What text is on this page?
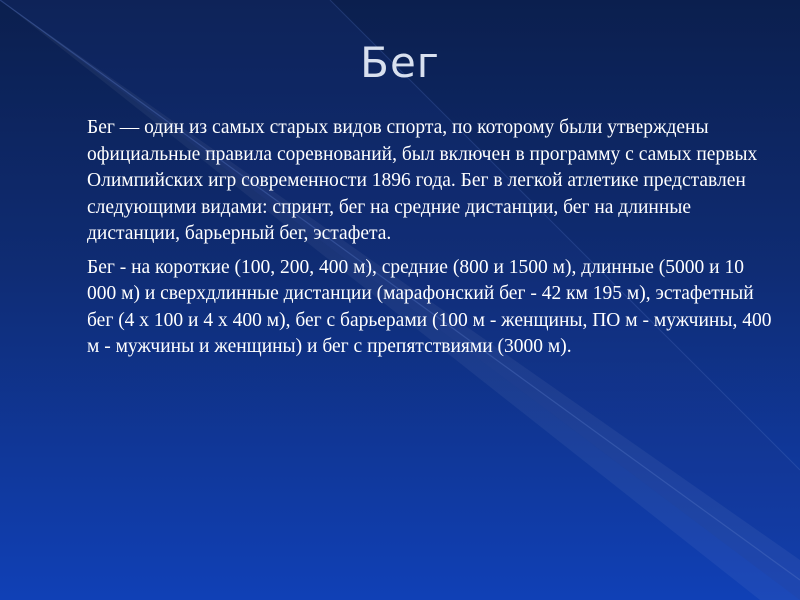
Бег

Бег — один из самых старых видов спорта, по которому были утверждены официальные правила соревнований, был включен в программу с самых первых Олимпийских игр современности 1896 года. Бег в легкой атлетике представлен следующими видами: спринт, бег на средние дистанции, бег на длинные дистанции, барьерный бег, эстафета.

Бег - на короткие (100, 200, 400 м), средние (800 и 1500 м), длинные (5000 и 10 000 м) и сверхдлинные дистанции (марафонский бег - 42 км 195 м), эстафетный бег (4 х 100 и 4 х 400 м), бег с барьерами (100 м - женщины, ПО м - мужчины, 400 м - мужчины и женщины) и бег с препятствиями (3000 м).
